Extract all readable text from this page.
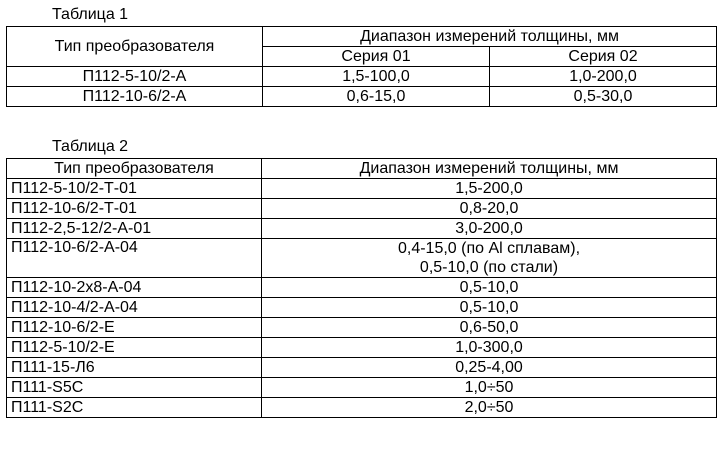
Таблица 1
Тип преобразователя	Диапазон измерений толщины, мм	
	Серия 01	Серия 02
П112-5-10/2-А	1,5-100,0	1,0-200,0
П112-10-6/2-А	0,6-15,0	0,5-30,0
Таблица 2
Тип преобразователя	Диапазон измерений толщины, мм
П112-5-10/2-Т-01	1,5-200,0

П112-10-6/2-Т-01	0,8-20,0

П112-2,5-12/2-А-01	3,0-200,0

П112-10-6/2-А-04	0,4-15,0 (по Al сплавам),
0,5-10,0 (по стали)

П112-10-2х8-А-04	0,5-10,0

П112-10-4/2-А-04	0,5-10,0

П112-10-6/2-Е	0,6-50,0

П112-5-10/2-Е	1,0-300,0

П111-15-Л6	0,25-4,00

П111-S5C	1,0÷50

П111-S2C	2,0÷50
